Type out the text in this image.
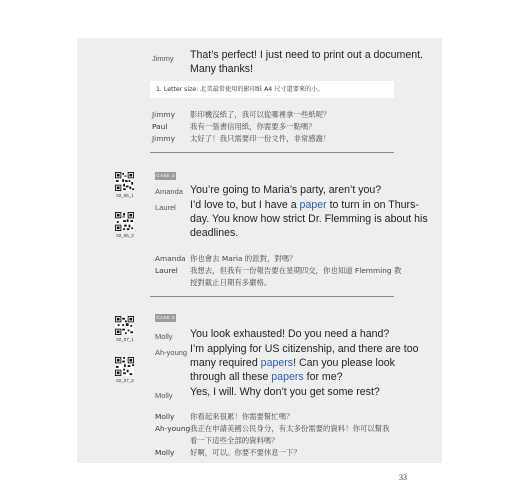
Jimmy That’s perfect! I just need to print out a document.
Many thanks!
1. Letter size: 北美最常使用的影印紙 A4 尺寸還要來的小。
Jimmy 影印機沒紙了，我可以從哪裡拿一些紙呢？
Paul	我有一張書信用紙，你需要多一點嗎？
Jimmy 太好了！我只需要印一份文件，非常感謝！
02_06_1
02_06_2
CASE 2
Amanda You’re going to Maria’s party, aren’t you?
Laurel I’d love to, but I have a paper to turn in on Thurs-
day. You know how strict Dr. Flemming is about his
deadlines.
Amanda 你也會去 Maria 的派對，對嗎？
Laurel 我想去，但我有一份報告要在星期四交，你也知道 Flemming 教
授對截止日期有多嚴格。
02_07_1
02_07_2
CASE 3
Molly You look exhausted! Do you need a hand?
Ah-young I’m applying for US citizenship, and there are too
many required papers! Can you please look
through all these papers for me?
Molly Yes, I will. Why don’t you get some rest?
Molly 你看起來很累！你需要幫忙嗎？
Ah-young 我正在申請美國公民身分，有太多份需要的資料！你可以幫我
看一下這些全部的資料嗎？
Molly 好啊，可以。你要不要休息一下？
33
